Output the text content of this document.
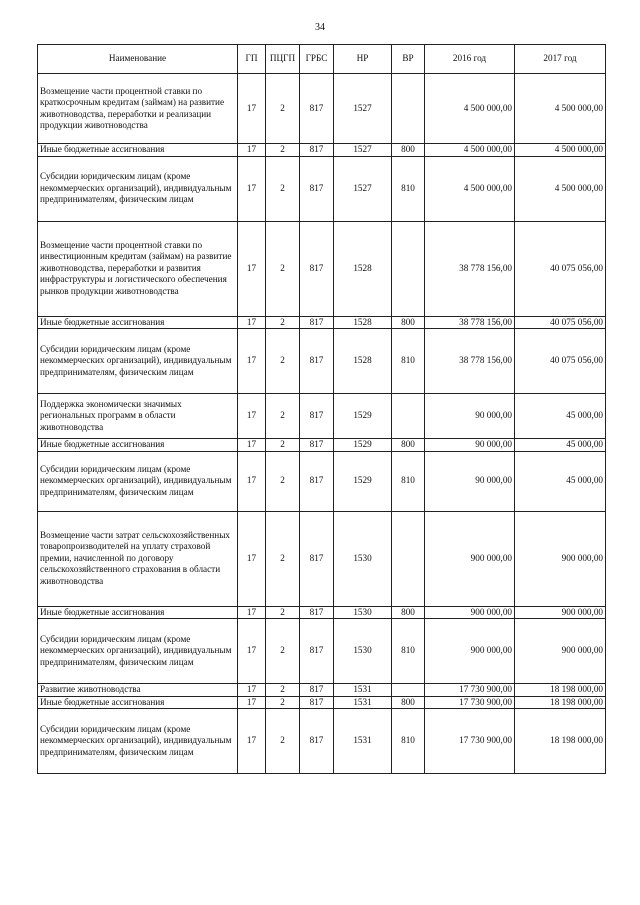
34
Наименование	ГП	ПЦГП	ГРБС	НР	ВР	2016 год	2017 год
Возмещение части процентной ставки по краткосрочным кредитам (займам) на развитие животноводства, переработки и реализации продукции животноводства	17	2	817	1527		4 500 000,00	4 500 000,00
Иные бюджетные ассигнования	17	2	817	1527	800	4 500 000,00	4 500 000,00
Субсидии юридическим лицам (кроме некоммерческих организаций), индивидуальным предпринимателям, физическим лицам	17	2	817	1527	810	4 500 000,00	4 500 000,00
Возмещение части процентной ставки по инвестиционным кредитам (займам) на развитие животноводства, переработки и развития инфраструктуры и логистического обеспечения рынков продукции животноводства	17	2	817	1528		38 778 156,00	40 075 056,00
Иные бюджетные ассигнования	17	2	817	1528	800	38 778 156,00	40 075 056,00
Субсидии юридическим лицам (кроме некоммерческих организаций), индивидуальным предпринимателям, физическим лицам	17	2	817	1528	810	38 778 156,00	40 075 056,00
Поддержка экономически значимых региональных программ в области животноводства	17	2	817	1529		90 000,00	45 000,00
Иные бюджетные ассигнования	17	2	817	1529	800	90 000,00	45 000,00
Субсидии юридическим лицам (кроме некоммерческих организаций), индивидуальным предпринимателям, физическим лицам	17	2	817	1529	810	90 000,00	45 000,00
Возмещение части затрат сельскохозяйственных товаропроизводителей на уплату страховой премии, начисленной по договору сельскохозяйственного страхования в области животноводства	17	2	817	1530		900 000,00	900 000,00
Иные бюджетные ассигнования	17	2	817	1530	800	900 000,00	900 000,00
Субсидии юридическим лицам (кроме некоммерческих организаций), индивидуальным предпринимателям, физическим лицам	17	2	817	1530	810	900 000,00	900 000,00
Развитие животноводства	17	2	817	1531		17 730 900,00	18 198 000,00
Иные бюджетные ассигнования	17	2	817	1531	800	17 730 900,00	18 198 000,00
Субсидии юридическим лицам (кроме некоммерческих организаций), индивидуальным предпринимателям, физическим лицам	17	2	817	1531	810	17 730 900,00	18 198 000,00
